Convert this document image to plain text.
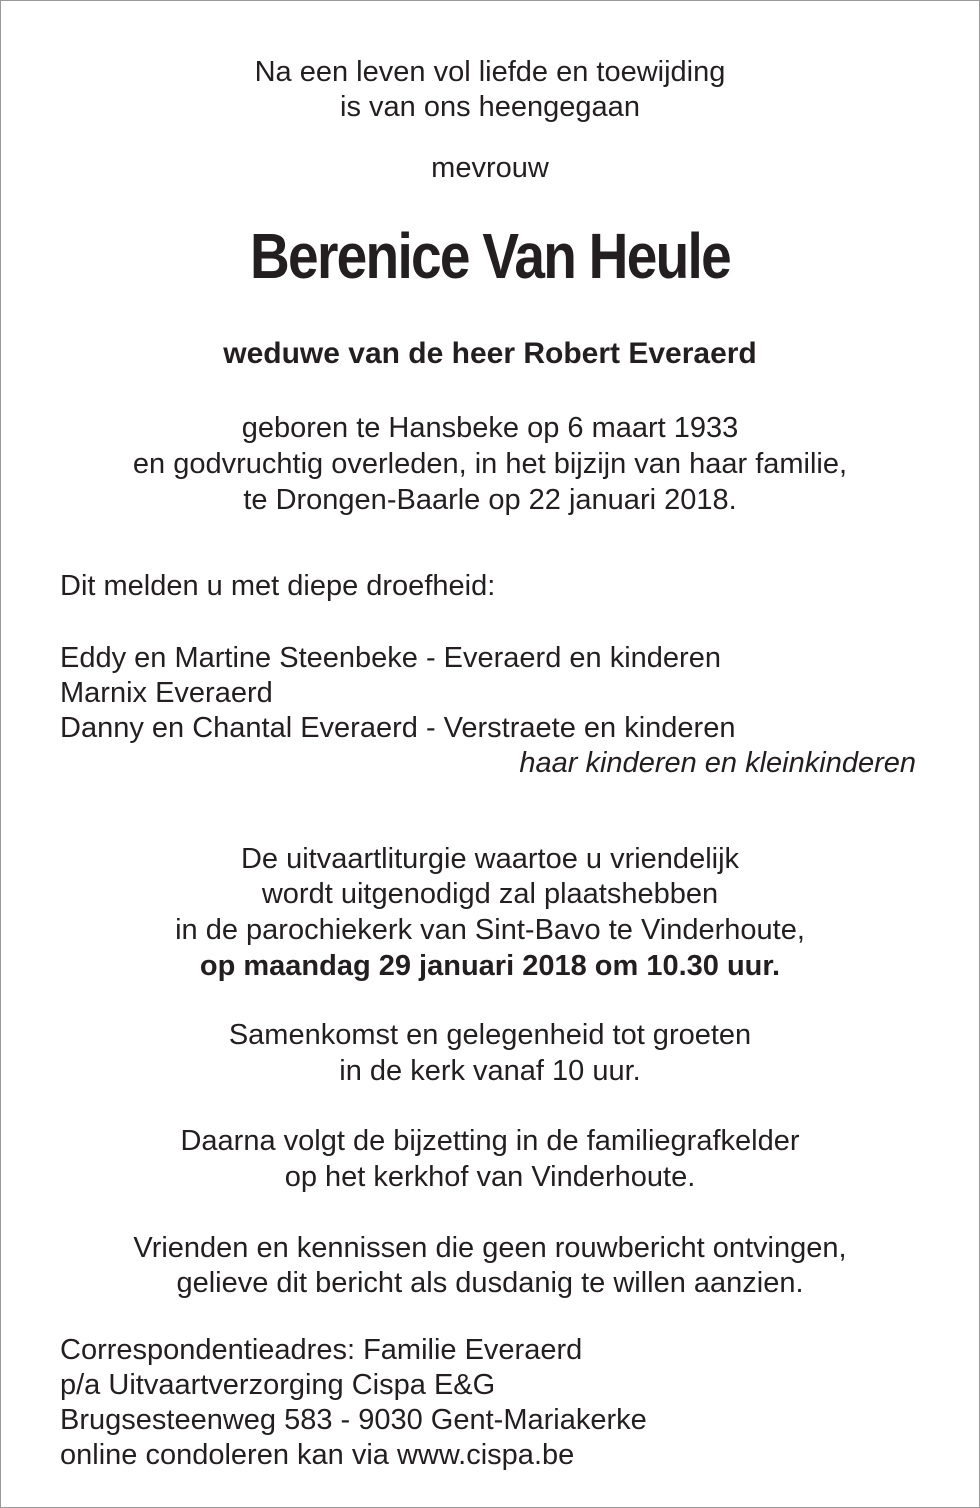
Na een leven vol liefde en toewijding
is van ons heengegaan
mevrouw
Berenice Van Heule
weduwe van de heer Robert Everaerd
geboren te Hansbeke op 6 maart 1933
en godvruchtig overleden, in het bijzijn van haar familie,
te Drongen-Baarle op 22 januari 2018.
Dit melden u met diepe droefheid:
Eddy en Martine Steenbeke - Everaerd en kinderen
Marnix Everaerd
Danny en Chantal Everaerd - Verstraete en kinderen
haar kinderen en kleinkinderen
De uitvaartliturgie waartoe u vriendelijk
wordt uitgenodigd zal plaatshebben
in de parochiekerk van Sint-Bavo te Vinderhoute,
op maandag 29 januari 2018 om 10.30 uur.
Samenkomst en gelegenheid tot groeten
in de kerk vanaf 10 uur.
Daarna volgt de bijzetting in de familiegrafkelder
op het kerkhof van Vinderhoute.
Vrienden en kennissen die geen rouwbericht ontvingen,
gelieve dit bericht als dusdanig te willen aanzien.
Correspondentieadres: Familie Everaerd
p/a Uitvaartverzorging Cispa E&G
Brugsesteenweg 583 - 9030 Gent-Mariakerke
online condoleren kan via www.cispa.be
